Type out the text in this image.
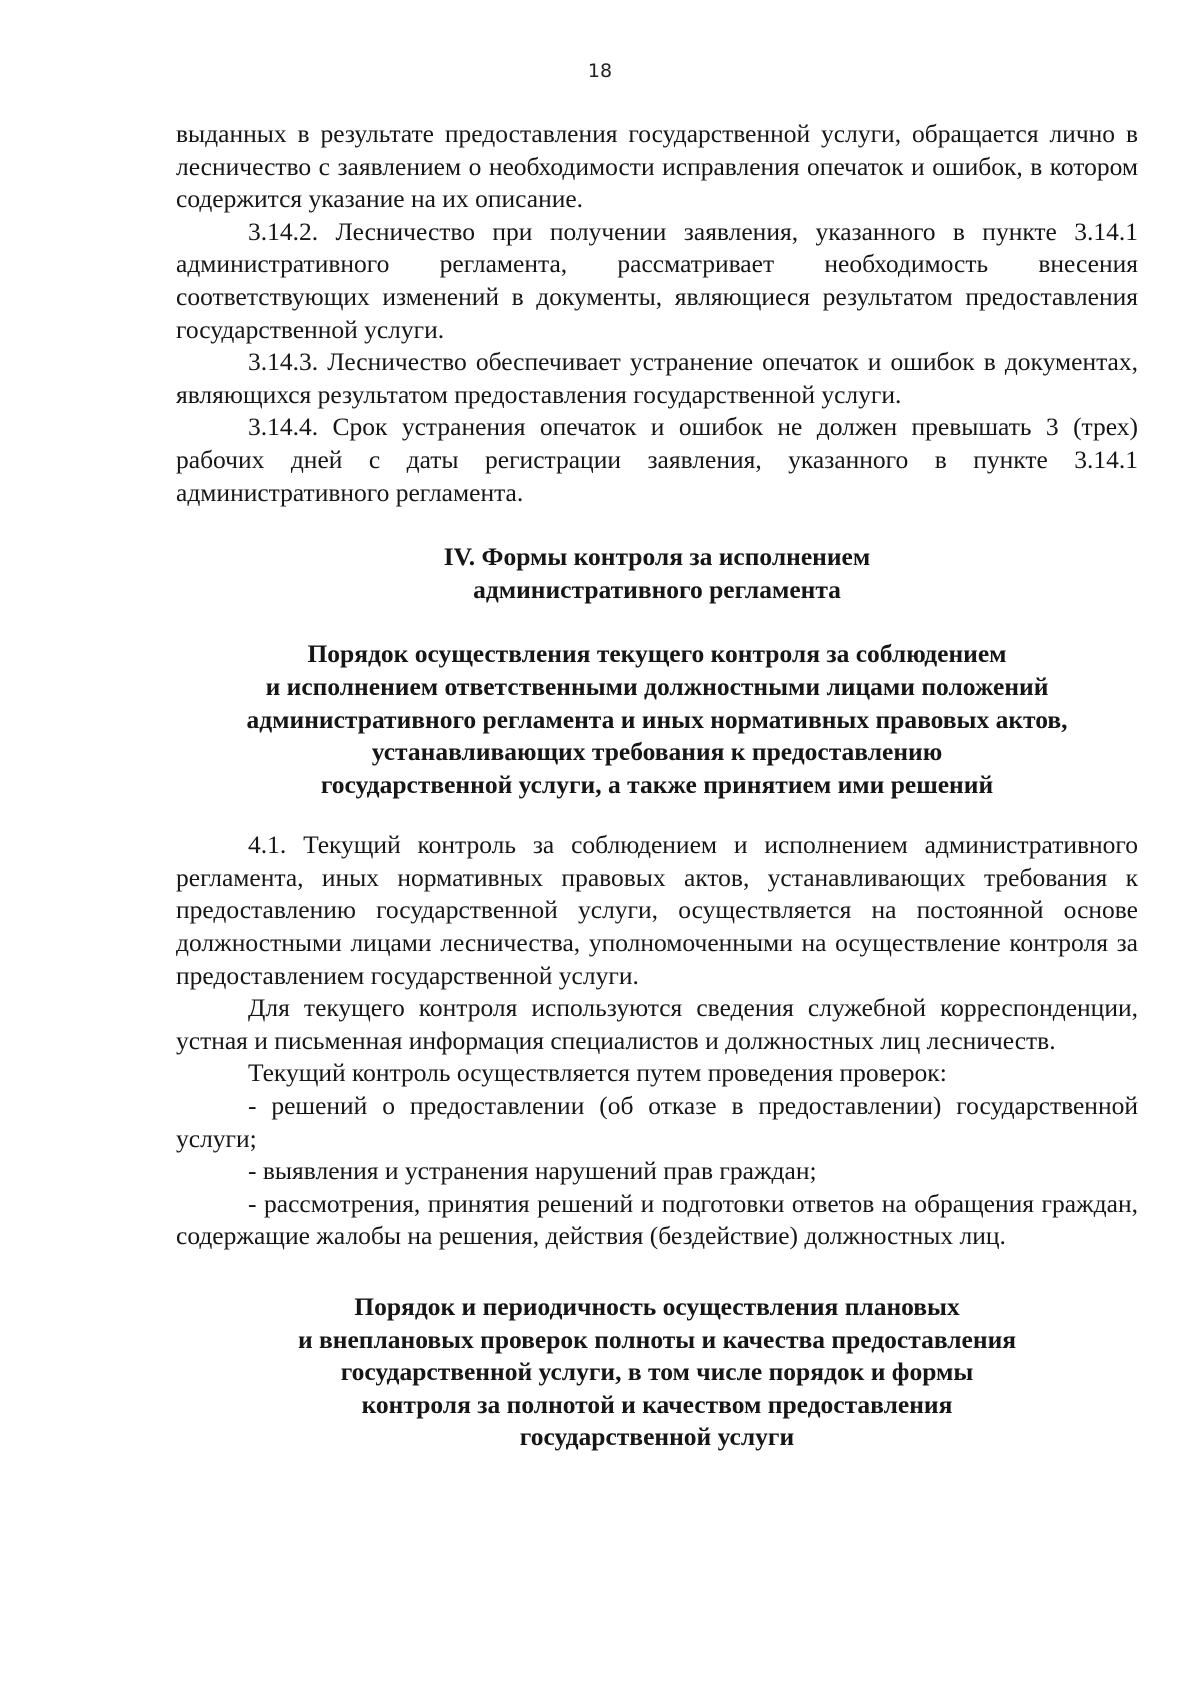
18

выданных в результате предоставления государственной услуги, обращается лично в лесничество с заявлением о необходимости исправления опечаток и ошибок, в котором содержится указание на их описание.

3.14.2. Лесничество при получении заявления, указанного в пункте 3.14.1 административного регламента, рассматривает необходимость внесения соответствующих изменений в документы, являющиеся результатом предоставления государственной услуги.

3.14.3. Лесничество обеспечивает устранение опечаток и ошибок в документах, являющихся результатом предоставления государственной услуги.

3.14.4. Срок устранения опечаток и ошибок не должен превышать 3 (трех) рабочих дней с даты регистрации заявления, указанного в пункте 3.14.1 административного регламента.

IV. Формы контроля за исполнением
административного регламента
Порядок осуществления текущего контроля за соблюдением
и исполнением ответственными должностными лицами положений
административного регламента и иных нормативных правовых актов,
устанавливающих требования к предоставлению
государственной услуги, а также принятием ими решений

4.1. Текущий контроль за соблюдением и исполнением административного регламента, иных нормативных правовых актов, устанавливающих требования к предоставлению государственной услуги, осуществляется на постоянной основе должностными лицами лесничества, уполномоченными на осуществление контроля за предоставлением государственной услуги.

Для текущего контроля используются сведения служебной корреспонденции, устная и письменная информация специалистов и должностных лиц лесничеств.

Текущий контроль осуществляется путем проведения проверок:

- решений о предоставлении (об отказе в предоставлении) государственной услуги;

- выявления и устранения нарушений прав граждан;

- рассмотрения, принятия решений и подготовки ответов на обращения граждан, содержащие жалобы на решения, действия (бездействие) должностных лиц.

Порядок и периодичность осуществления плановых
и внеплановых проверок полноты и качества предоставления
государственной услуги, в том числе порядок и формы
контроля за полнотой и качеством предоставления
государственной услуги
